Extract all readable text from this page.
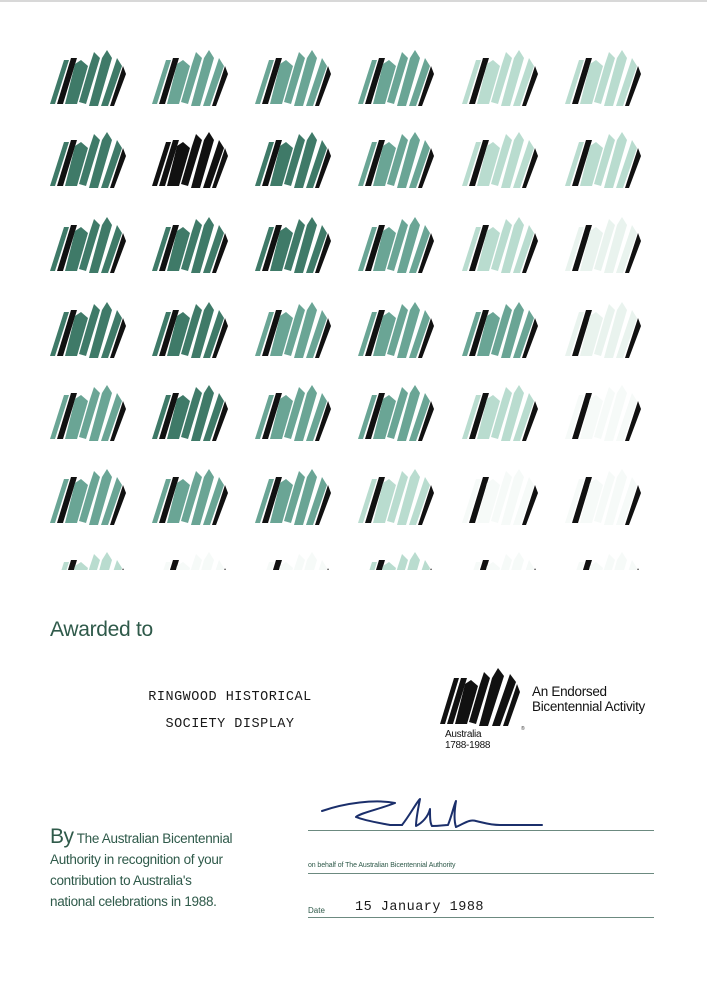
Awarded to
RINGWOOD HISTORICAL
SOCIETY DISPLAY
Australia
1788-1988
®
An Endorsed
Bicentennial Activity
By The Australian Bicentennial
Authority in recognition of your
contribution to Australia's
national celebrations in 1988.
on behalf of The Australian Bicentennial Authority
Date 15 January 1988
